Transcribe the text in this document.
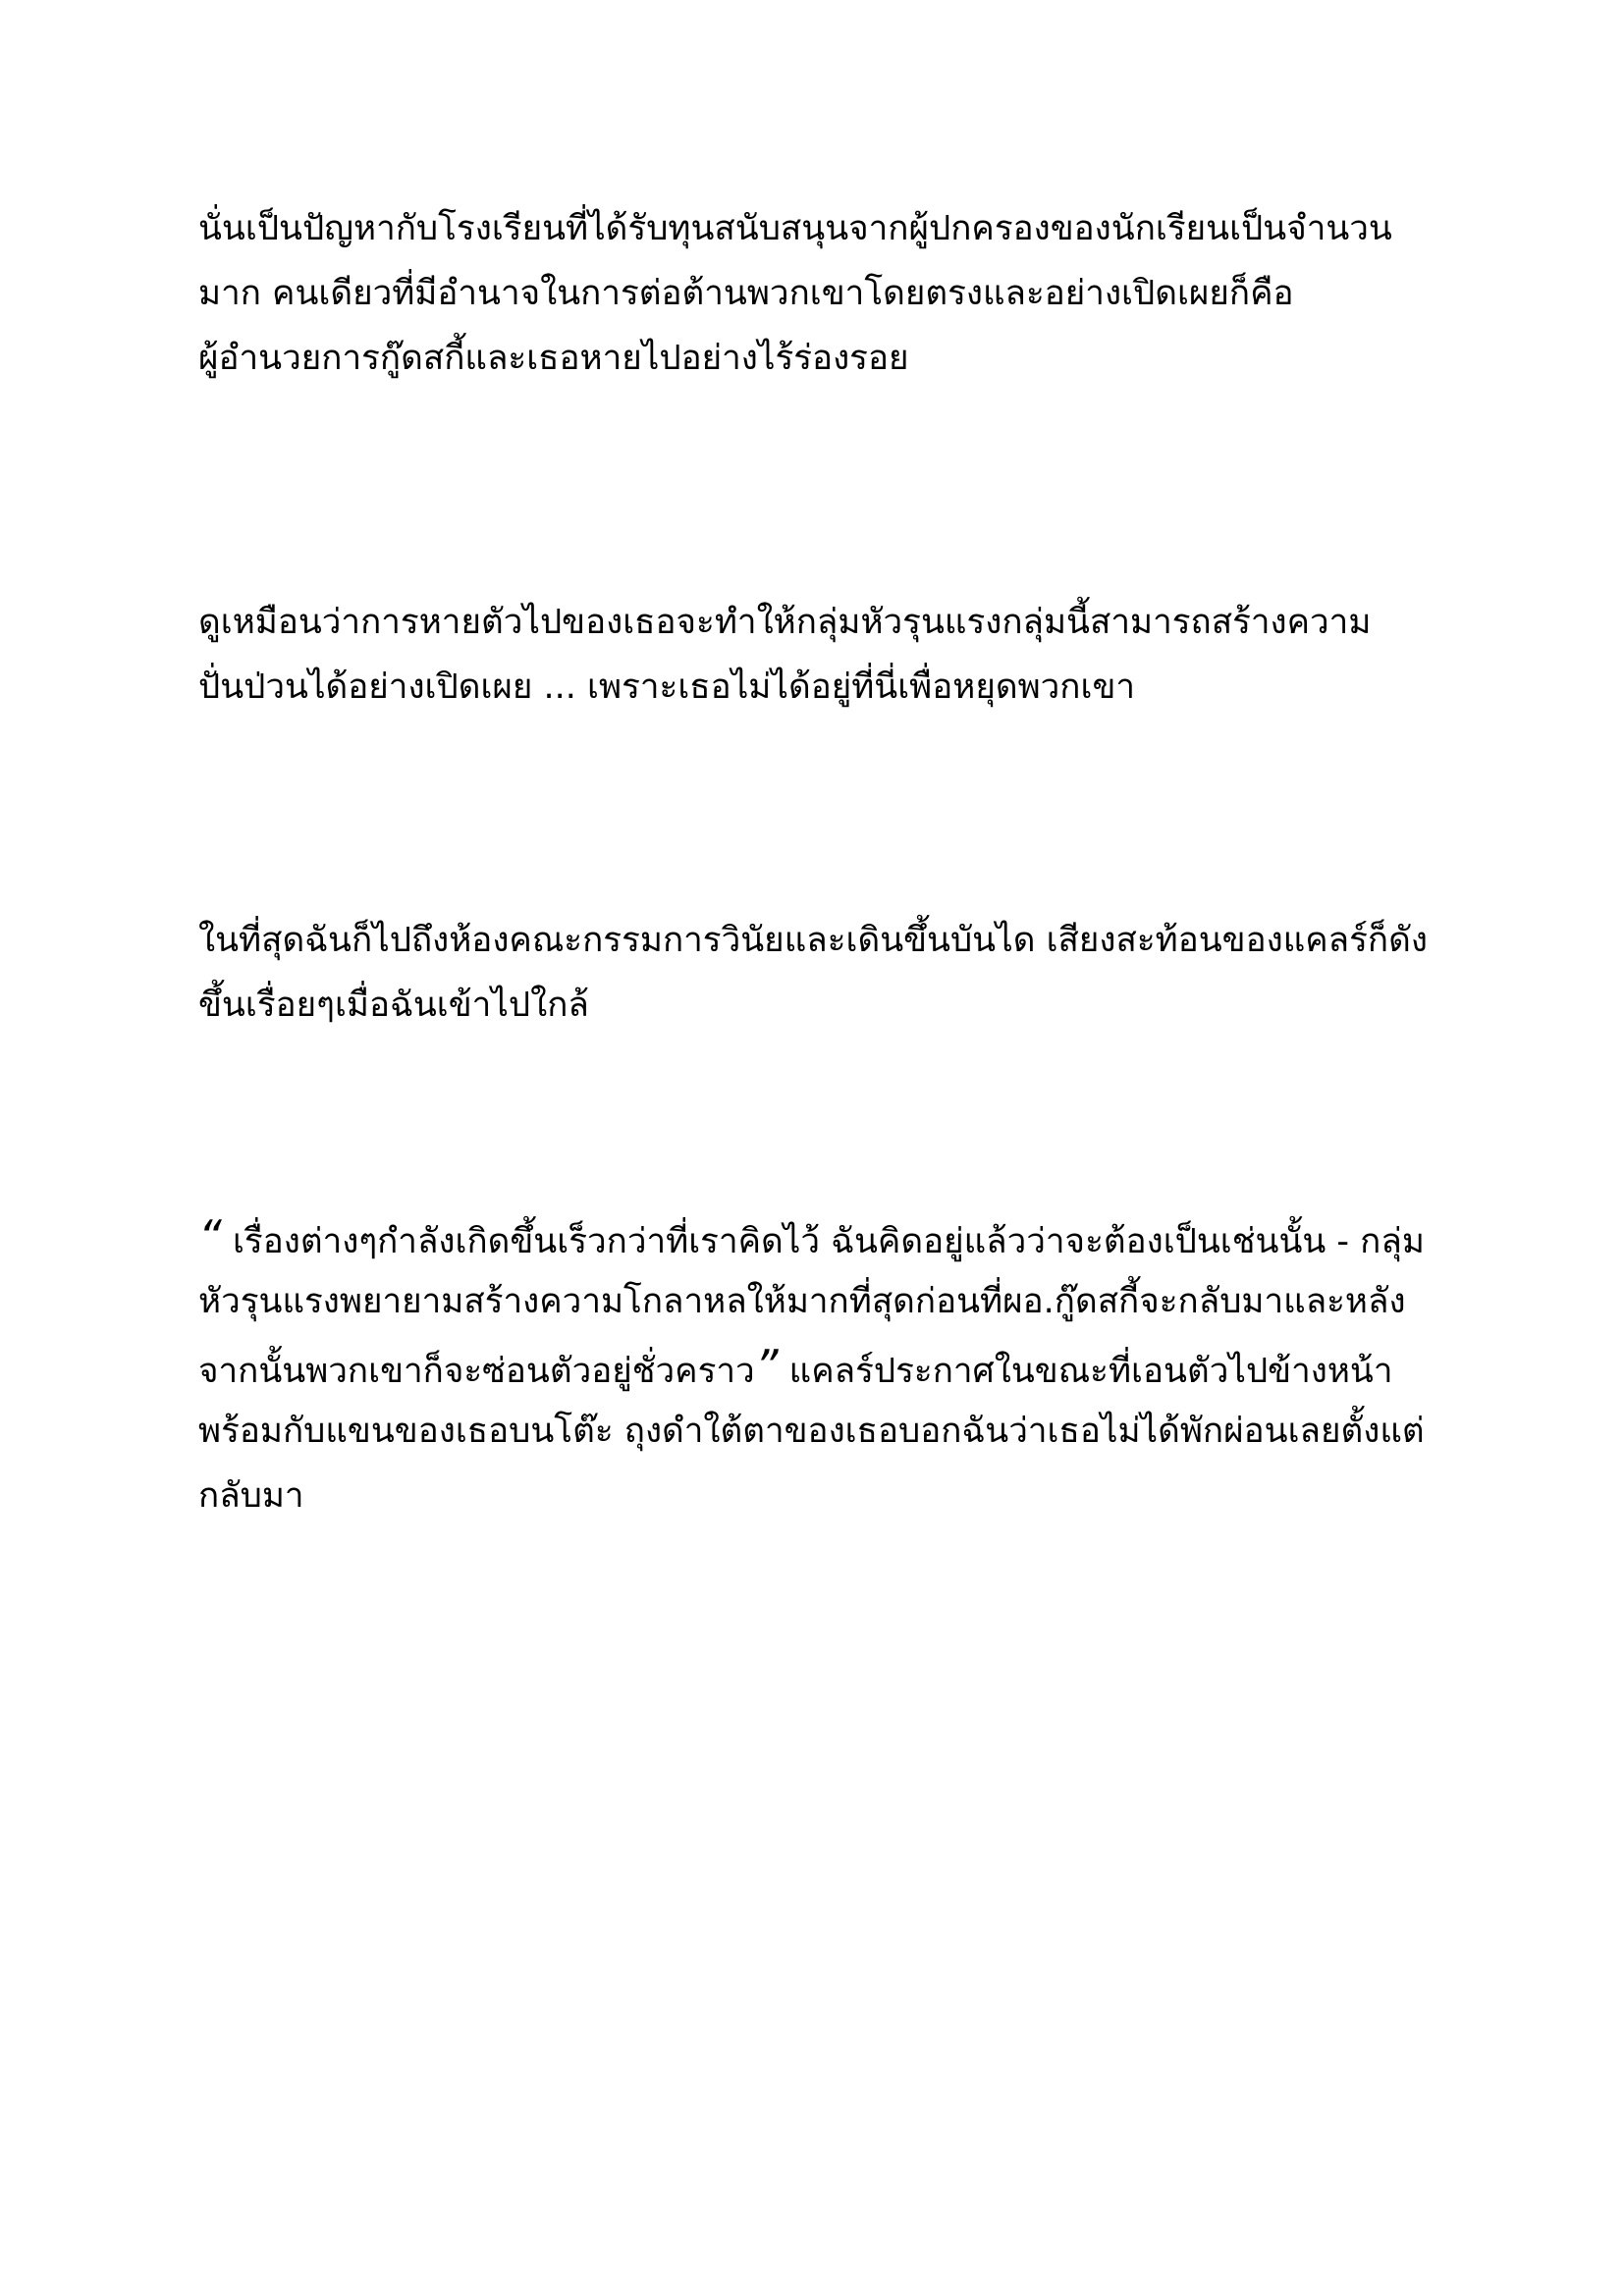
นั่นเป็นปัญหากับโรงเรียนที่ได้รับทุนสนับสนุนจากผู้ปกครองของนักเรียนเป็นจำนวน
มาก คนเดียวที่มีอำนาจในการต่อต้านพวกเขาโดยตรงและอย่างเปิดเผยก็คือ
ผู้อำนวยการกู๊ดสกี้และเธอหายไปอย่างไร้ร่องรอย
ดูเหมือนว่าการหายตัวไปของเธอจะทำให้กลุ่มหัวรุนแรงกลุ่มนี้สามารถสร้างความ
ปั่นป่วนได้อย่างเปิดเผย ... เพราะเธอไม่ได้อยู่ที่นี่เพื่อหยุดพวกเขา
ในที่สุดฉันก็ไปถึงห้องคณะกรรมการวินัยและเดินขึ้นบันได เสียงสะท้อนของแคลร์ก็ดัง
ขึ้นเรื่อยๆเมื่อฉันเข้าไปใกล้
“ เรื่องต่างๆกำลังเกิดขึ้นเร็วกว่าที่เราคิดไว้ ฉันคิดอยู่แล้วว่าจะต้องเป็นเช่นนั้น - กลุ่ม
หัวรุนแรงพยายามสร้างความโกลาหลให้มากที่สุดก่อนที่ผอ.กู๊ดสกี้จะกลับมาและหลัง
จากนั้นพวกเขาก็จะซ่อนตัวอยู่ชั่วคราว” แคลร์ประกาศในขณะที่เอนตัวไปข้างหน้า
พร้อมกับแขนของเธอบนโต๊ะ ถุงดำใต้ตาของเธอบอกฉันว่าเธอไม่ได้พักผ่อนเลยตั้งแต่
กลับมา
